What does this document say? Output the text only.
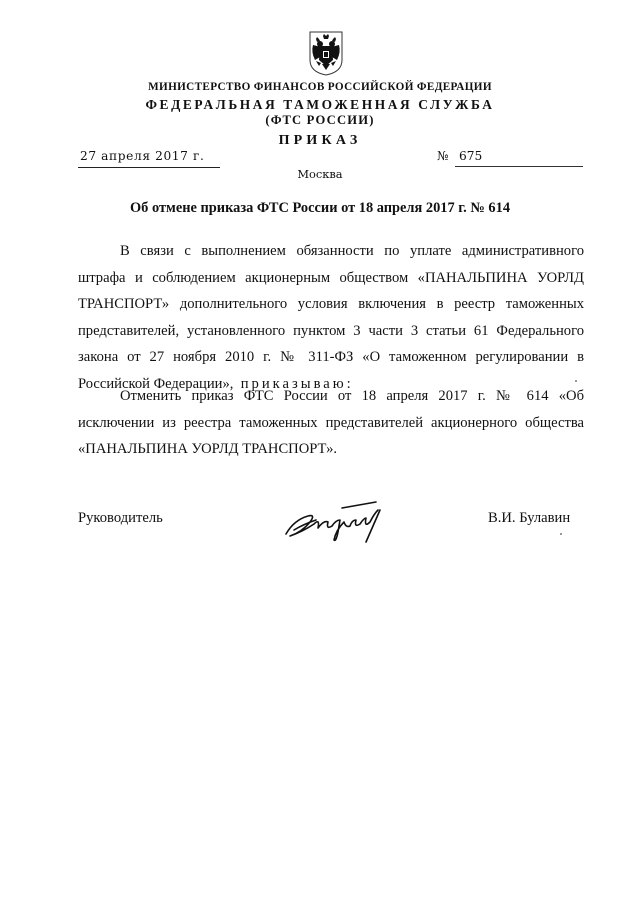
МИНИСТЕРСТВО ФИНАНСОВ РОССИЙСКОЙ ФЕДЕРАЦИИ
ФЕДЕРАЛЬНАЯ ТАМОЖЕННАЯ СЛУЖБА
(ФТС РОССИИ)
ПРИКАЗ
27 апреля 2017 г.	№ 675
Москва
Об отмене приказа ФТС России от 18 апреля 2017 г. № 614

В связи с выполнением обязанности по уплате административного штрафа и соблюдением акционерным обществом «ПАНАЛЬПИНА УОРЛД ТРАНСПОРТ» дополнительного условия включения в реестр таможенных представителей, установленного пунктом 3 части 3 статьи 61 Федерального закона от 27 ноября 2010 г. № 311-ФЗ «О таможенном регулировании в Российской Федерации», приказываю:

Отменить приказ ФТС России от 18 апреля 2017 г. № 614 «Об исключении из реестра таможенных представителей акционерного общества «ПАНАЛЬПИНА УОРЛД ТРАНСПОРТ».

Руководитель	В.И. Булавин
